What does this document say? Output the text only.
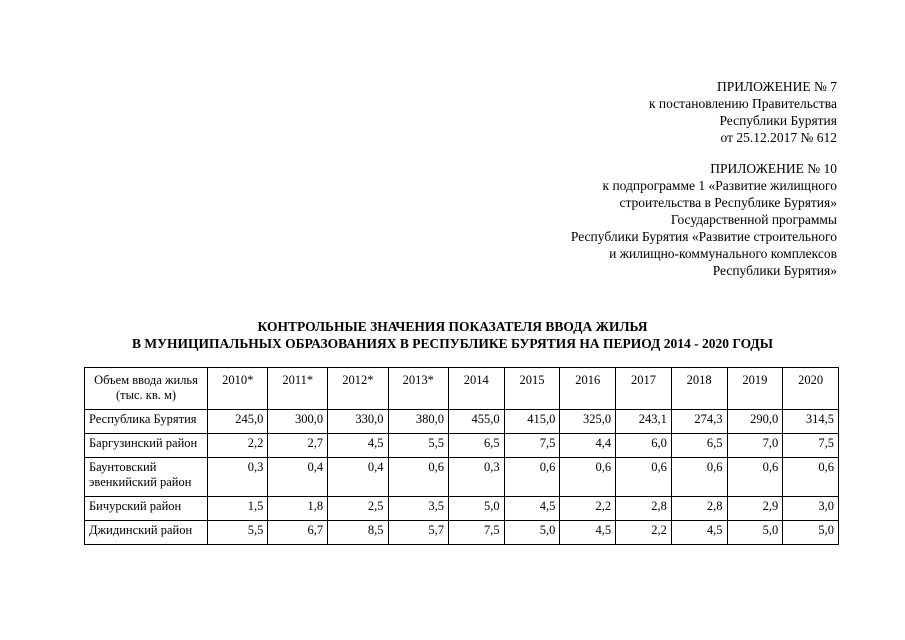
ПРИЛОЖЕНИЕ № 7
к постановлению Правительства
Республики Бурятия
от 25.12.2017 № 612
ПРИЛОЖЕНИЕ № 10
к подпрограмме 1 «Развитие жилищного
строительства в Республике Бурятия»
Государственной программы
Республики Бурятия «Развитие строительного
и жилищно-коммунального комплексов
Республики Бурятия»
КОНТРОЛЬНЫЕ ЗНАЧЕНИЯ ПОКАЗАТЕЛЯ ВВОДА ЖИЛЬЯ
В МУНИЦИПАЛЬНЫХ ОБРАЗОВАНИЯХ В РЕСПУБЛИКЕ БУРЯТИЯ НА ПЕРИОД 2014 - 2020 ГОДЫ
Объем ввода жилья
(тыс. кв. м)	2010*	2011*	2012*	2013*	2014	2015	2016	2017	2018	2019	2020

Республика Бурятия	245,0	300,0	330,0	380,0	455,0	415,0	325,0	243,1	274,3	290,0	314,5

Баргузинский район	2,2	2,7	4,5	5,5	6,5	7,5	4,4	6,0	6,5	7,0	7,5

Баунтовский
эвенкийский район	0,3	0,4	0,4	0,6	0,3	0,6	0,6	0,6	0,6	0,6	0,6

Бичурский район	1,5	1,8	2,5	3,5	5,0	4,5	2,2	2,8	2,8	2,9	3,0

Джидинский район	5,5	6,7	8,5	5,7	7,5	5,0	4,5	2,2	4,5	5,0	5,0
